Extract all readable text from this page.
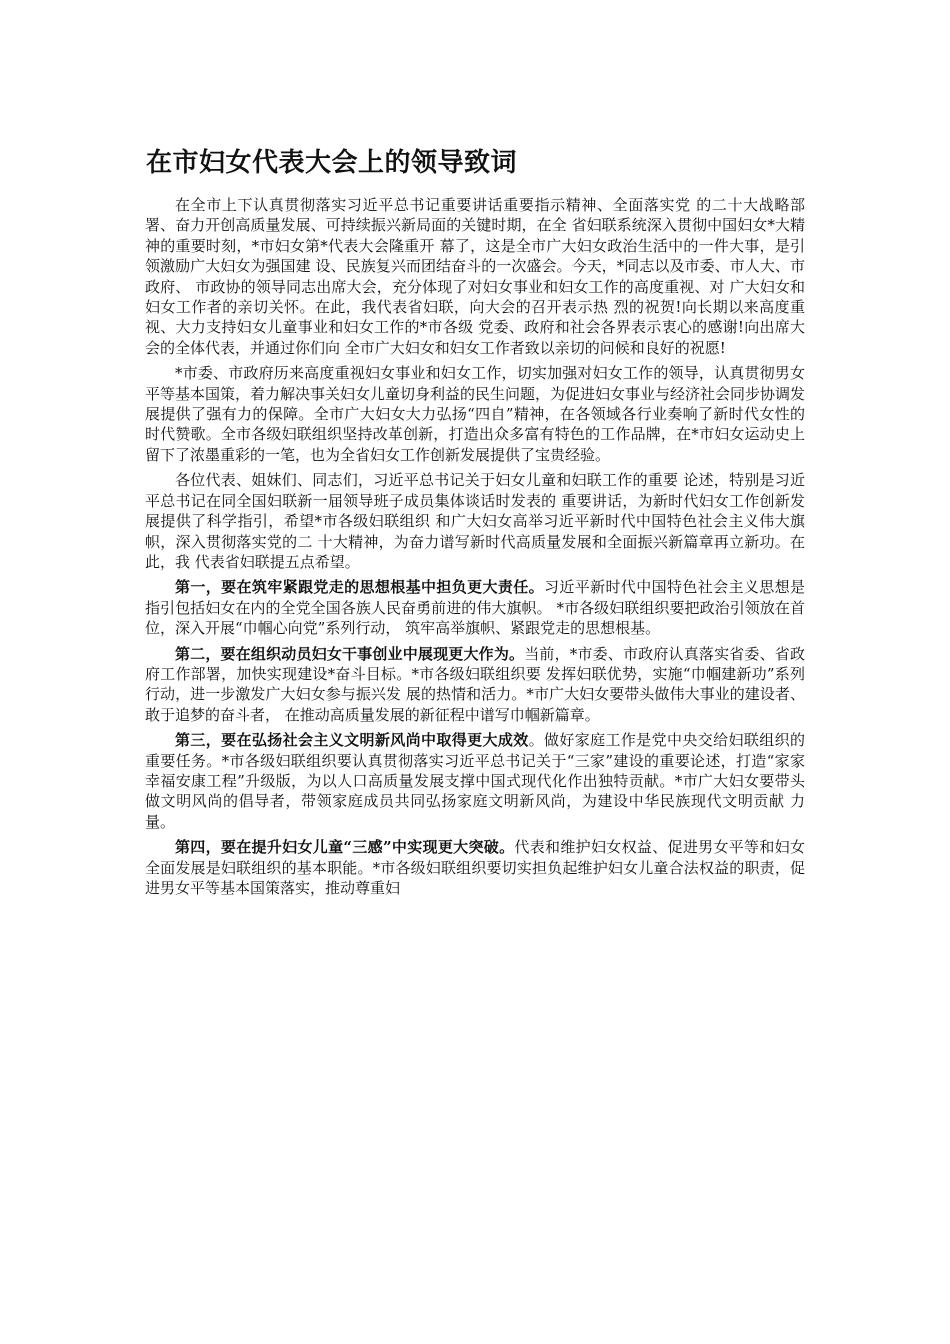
在市妇女代表大会上的领导致词

在全市上下认真贯彻落实习近平总书记重要讲话重要指示精神、全面落实党 的二十大战略部署、奋力开创高质量发展、可持续振兴新局面的关键时期，在全 省妇联系统深入贯彻中国妇女*大精神的重要时刻，*市妇女第*代表大会隆重开 幕了，这是全市广大妇女政治生活中的一件大事，是引领激励广大妇女为强国建 设、民族复兴而团结奋斗的一次盛会。今天，*同志以及市委、市人大、市政府、 市政协的领导同志出席大会，充分体现了对妇女事业和妇女工作的高度重视、对 广大妇女和妇女工作者的亲切关怀。在此，我代表省妇联，向大会的召开表示热 烈的祝贺!向长期以来高度重视、大力支持妇女儿童事业和妇女工作的*市各级 党委、政府和社会各界表示衷心的感谢!向出席大会的全体代表，并通过你们向 全市广大妇女和妇女工作者致以亲切的问候和良好的祝愿!

*市委、市政府历来高度重视妇女事业和妇女工作，切实加强对妇女工作的领导，认真贯彻男女平等基本国策，着力解决事关妇女儿童切身利益的民生问题，为促进妇女事业与经济社会同步协调发展提供了强有力的保障。全市广大妇女大力弘扬“四自”精神，在各领域各行业奏响了新时代女性的时代赞歌。全市各级妇联组织坚持改革创新，打造出众多富有特色的工作品牌，在*市妇女运动史上留下了浓墨重彩的一笔，也为全省妇女工作创新发展提供了宝贵经验。

各位代表、姐妹们、同志们，习近平总书记关于妇女儿童和妇联工作的重要 论述，特别是习近平总书记在同全国妇联新一届领导班子成员集体谈话时发表的 重要讲话，为新时代妇女工作创新发展提供了科学指引，希望*市各级妇联组织 和广大妇女高举习近平新时代中国特色社会主义伟大旗帜，深入贯彻落实党的二 十大精神，为奋力谱写新时代高质量发展和全面振兴新篇章再立新功。在此，我 代表省妇联提五点希望。

第一，要在筑牢紧跟党走的思想根基中担负更大责任。习近平新时代中国特色社会主义思想是指引包括妇女在内的全党全国各族人民奋勇前进的伟大旗帜。 *市各级妇联组织要把政治引领放在首位，深入开展“巾帼心向党”系列行动， 筑牢高举旗帜、紧跟党走的思想根基。

第二，要在组织动员妇女干事创业中展现更大作为。当前，*市委、市政府认真落实省委、省政府工作部署，加快实现建设*奋斗目标。*市各级妇联组织要 发挥妇联优势，实施“巾帼建新功”系列行动，进一步激发广大妇女参与振兴发 展的热情和活力。*市广大妇女要带头做伟大事业的建设者、敢于追梦的奋斗者， 在推动高质量发展的新征程中谱写巾帼新篇章。

第三，要在弘扬社会主义文明新风尚中取得更大成效。做好家庭工作是党中央交给妇联组织的重要任务。*市各级妇联组织要认真贯彻落实习近平总书记关于“三家”建设的重要论述，打造“家家幸福安康工程”升级版，为以人口高质量发展支撑中国式现代化作出独特贡献。*市广大妇女要带头做文明风尚的倡导者，带领家庭成员共同弘扬家庭文明新风尚，为建设中华民族现代文明贡献 力量。

第四，要在提升妇女儿童“三感”中实现更大突破。代表和维护妇女权益、促进男女平等和妇女全面发展是妇联组织的基本职能。*市各级妇联组织要切实担负起维护妇女儿童合法权益的职责，促进男女平等基本国策落实，推动尊重妇
